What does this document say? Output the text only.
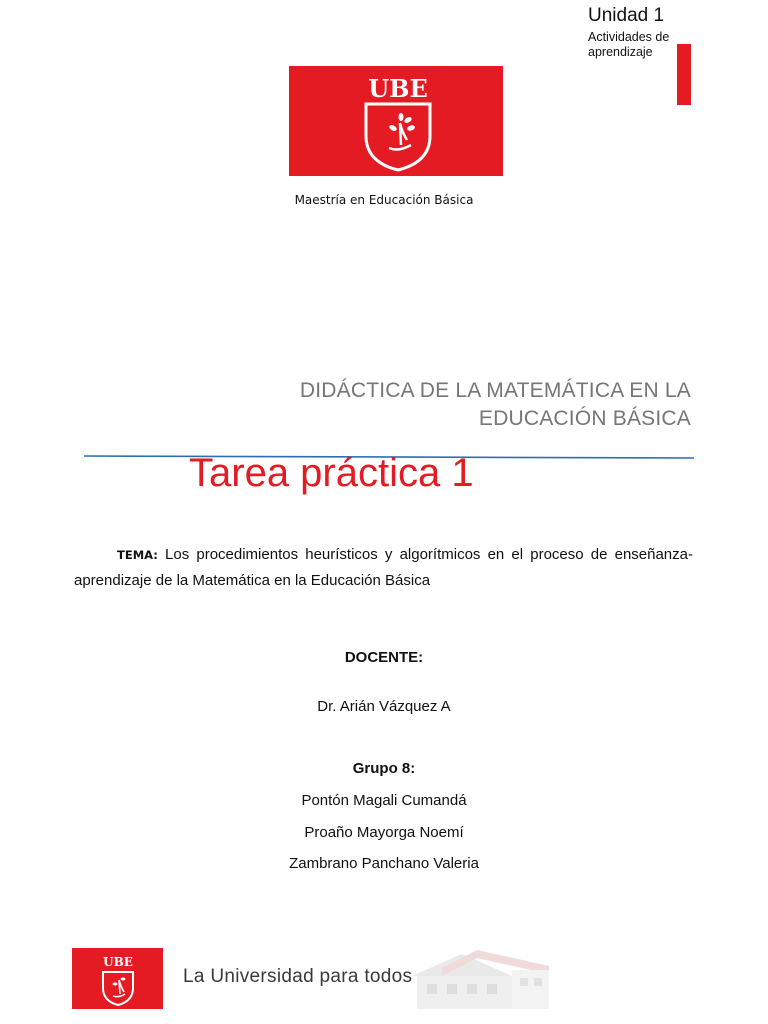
Unidad 1
Actividades de aprendizaje
UBE
Maestría en Educación Básica
DIDÁCTICA DE LA MATEMÁTICA EN LA
EDUCACIÓN BÁSICA
Tarea práctica 1
TEMA: Los procedimientos heurísticos y algorítmicos en el proceso de enseñanza-aprendizaje de la Matemática en la Educación Básica
DOCENTE:
Dr. Arián Vázquez A
Grupo 8:
Pontón Magali Cumandá
Proaño Mayorga Noemí
Zambrano Panchano Valeria
UBE
La Universidad para todos
